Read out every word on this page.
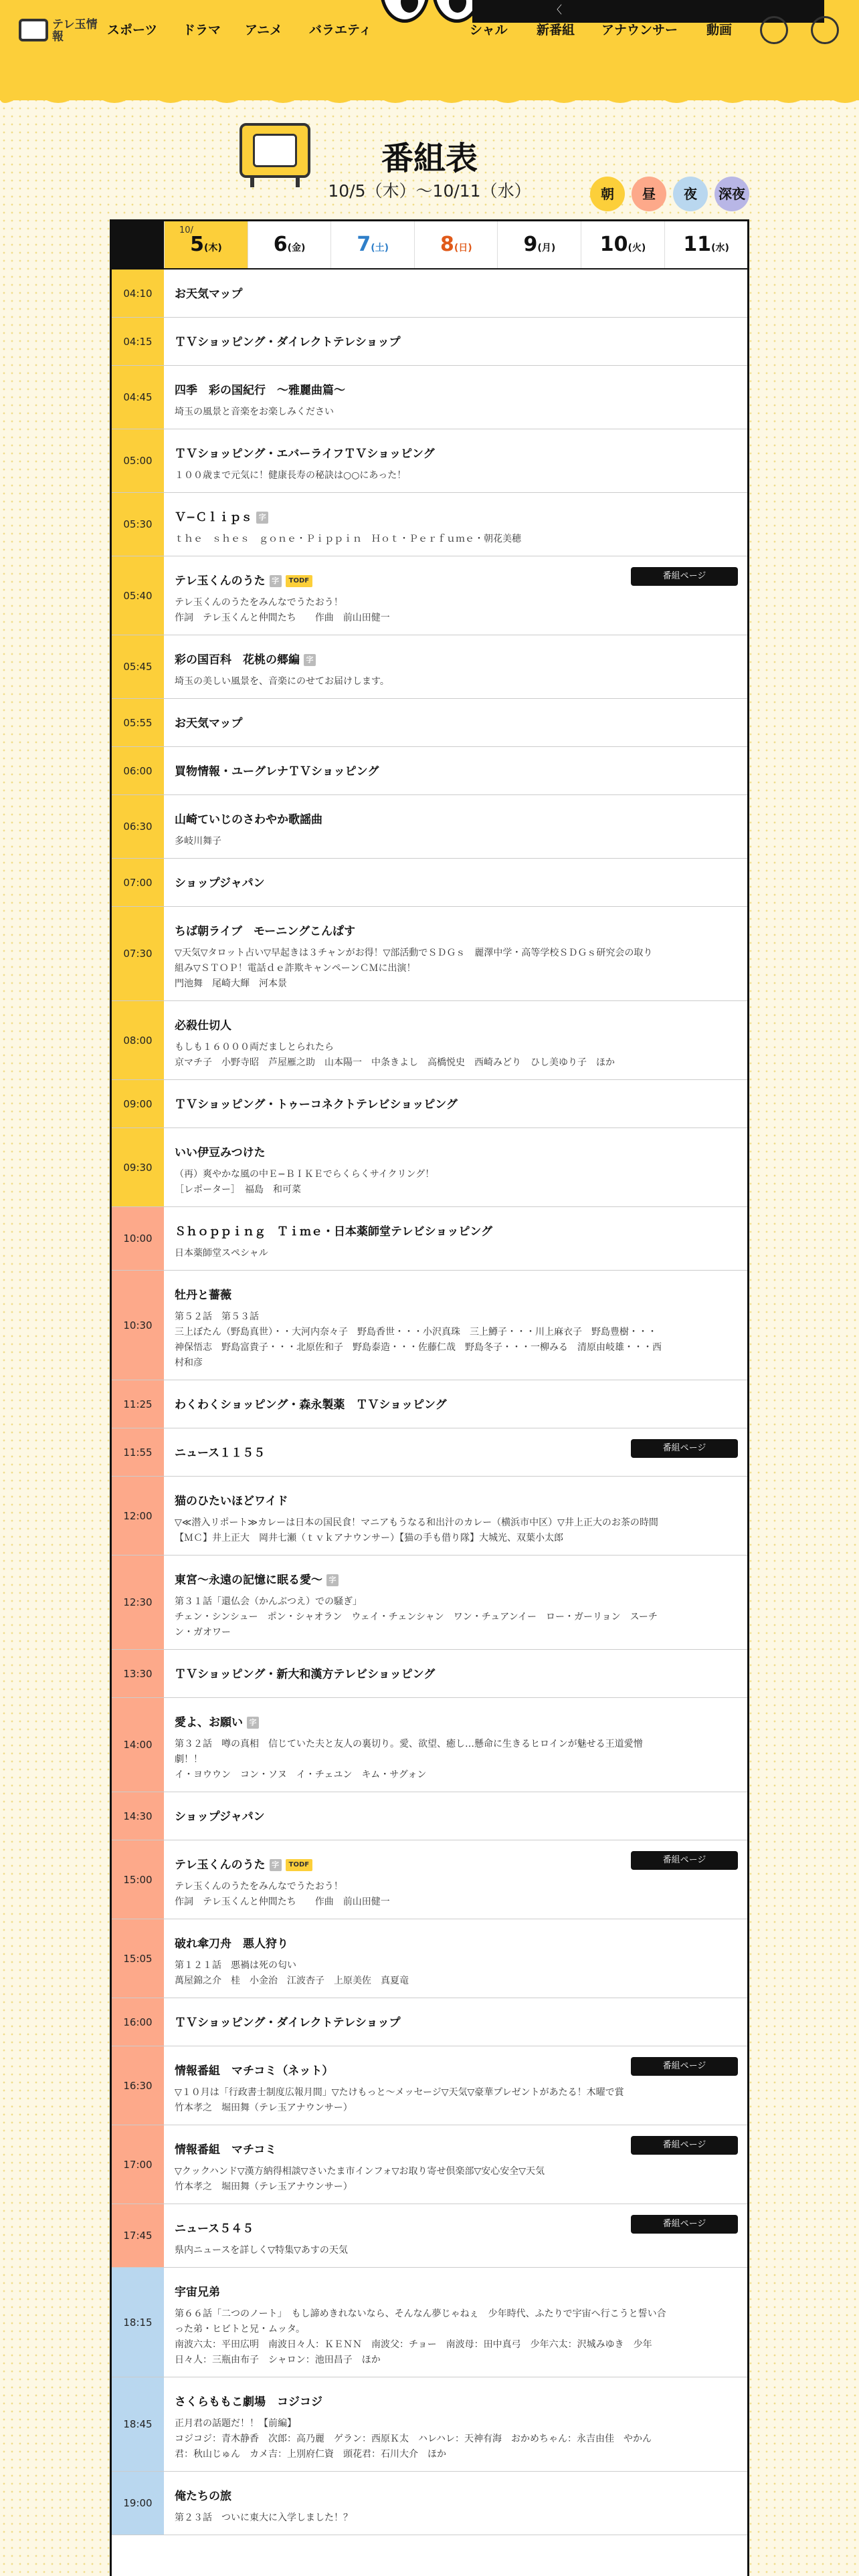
テレ玉情報	スポーツ ドラマ アニメ バラエティ
〈
シャル 新番組 アナウンサー 動画
番組表
10/5（木）〜10/11（水）	朝	昼	夜	深夜
10/
5(木)	6(金)	7(土)	8(日)	9(月)	10(火)	11(水)
04:10	お天気マップ
04:15	ＴＶショッピング・ダイレクトテレショップ
04:45	四季　彩の国紀行　〜雅麗曲篇〜
埼玉の風景と音楽をお楽しみください
05:00	ＴＶショッピング・エバーライフＴＶショッピング
１００歳まで元気に！健康長寿の秘訣は○○にあった！
05:30	Ｖ−Ｃｌｉｐｓ 字
ｔｈｅ　ｓｈｅｓ　ｇｏｎｅ・Ｐｉｐｐｉｎ　Ｈｏｔ・Ｐｅｒｆｕｍｅ・朝花美穂
05:40
テレ玉くんのうた 字 TODF
テレ玉くんのうたをみんなでうたおう！
作詞　テレ玉くんと仲間たち　　作曲　前山田健一
番組ページ
05:45	彩の国百科　花桃の郷編 字
埼玉の美しい風景を、音楽にのせてお届けします。
05:55	お天気マップ
06:00	買物情報・ユーグレナＴＶショッピング
06:30	山崎ていじのさわやか歌謡曲
多岐川舞子
07:00	ショップジャパン
07:30
ちば朝ライブ　モーニングこんぱす
▽天気▽タロット占い▽早起きは３チャンがお得！▽部活動でＳＤＧｓ　麗澤中学・高等学校ＳＤＧｓ研究会の取り
組み▽ＳＴＯＰ！電話ｄｅ詐欺キャンペーンＣＭに出演！
門池舞　尾崎大輝　河本景
08:00
必殺仕切人
もしも１６０００両だましとられたら
京マチ子　小野寺昭　芦屋雁之助　山本陽一　中条きよし　高橋悦史　西崎みどり　ひし美ゆり子　ほか
09:00	ＴＶショッピング・トゥーコネクトテレビショッピング
09:30
いい伊豆みつけた
（再）爽やかな風の中Ｅ−ＢＩＫＥでらくらくサイクリング！
［レポーター］　福島　和可菜
10:00	Ｓｈｏｐｐｉｎｇ　Ｔｉｍｅ・日本薬師堂テレビショッピング
日本薬師堂スペシャル
10:30
牡丹と薔薇
第５２話　第５３話
三上ぼたん（野島真世）・・大河内奈々子　野島香世・・・小沢真珠　三上鱒子・・・川上麻衣子　野島豊樹・・・
神保悟志　野島富貴子・・・北原佐和子　野島泰造・・・佐藤仁哉　野島冬子・・・一柳みる　清原由岐雄・・・西
村和彦
11:25	わくわくショッピング・森永製薬　ＴＶショッピング
11:55	ニュース１１５５	番組ページ
12:00
猫のひたいほどワイド
▽≪潜入リポート≫カレーは日本の国民食！マニアもうなる和出汁のカレー（横浜市中区）▽井上正大のお茶の時間
【ＭＣ】井上正大　岡井七瀬（ｔｖｋアナウンサー）【猫の手も借り隊】大城光、双葉小太郎
12:30
東宮〜永遠の記憶に眠る愛〜 字
第３１話「還仏会（かんぶつえ）での騒ぎ」
チェン・シンシュー　ポン・シャオラン　ウェイ・チェンシャン　ワン・チュアンイー　ロー・ガーリョン　スーチ
ン・ガオワー
13:30	ＴＶショッピング・新大和漢方テレビショッピング
14:00
愛よ、お願い 字
第３２話　噂の真相　信じていた夫と友人の裏切り。愛、欲望、癒し…懸命に生きるヒロインが魅せる王道愛憎
劇！！
イ・ヨウウン　コン・ソヌ　イ・チェユン　キム・サグォン
14:30	ショップジャパン
15:00
テレ玉くんのうた 字 TODF
テレ玉くんのうたをみんなでうたおう！
作詞　テレ玉くんと仲間たち　　作曲　前山田健一
番組ページ
15:05
破れ傘刀舟　悪人狩り
第１２１話　悪禍は死の匂い
萬屋錦之介　桂　小金治　江波杏子　上原美佐　真夏竜
16:00	ＴＶショッピング・ダイレクトテレショップ
16:30
情報番組　マチコミ（ネット）
▽１０月は「行政書士制度広報月間」▽たけもっと〜メッセージ▽天気▽豪華プレゼントがあたる！木曜で賞
竹本孝之　堀田舞（テレ玉アナウンサー）
番組ページ
17:00
情報番組　マチコミ
▽クックハンド▽漢方納得相談▽さいたま市インフォ▽お取り寄せ倶楽部▽安心安全▽天気
竹本孝之　堀田舞（テレ玉アナウンサー）
番組ページ
17:45	ニュース５４５
県内ニュースを詳しく▽特集▽あすの天気
番組ページ
18:15
宇宙兄弟
第６６話「二つのノート」　もし諦めきれないなら、そんなん夢じゃねぇ　少年時代、ふたりで宇宙へ行こうと誓い合
った弟・ヒビトと兄・ムッタ。
南波六太：平田広明　南波日々人：ＫＥＮＮ　南波父：チョー　南波母：田中真弓　少年六太：沢城みゆき　少年
日々人：三瓶由布子　シャロン：池田昌子　ほか
18:45
さくらももこ劇場　コジコジ
正月君の話題だ！！【前編】
コジコジ：青木静香　次郎：高乃麗　ゲラン：西原Ｋ太　ハレハレ：天神有海　おかめちゃん：永吉由佳　やかん
君：秋山じゅん　カメ吉：上別府仁資　頭花君：石川大介　ほか
19:00	俺たちの旅
第２３話　ついに東大に入学しました！？
